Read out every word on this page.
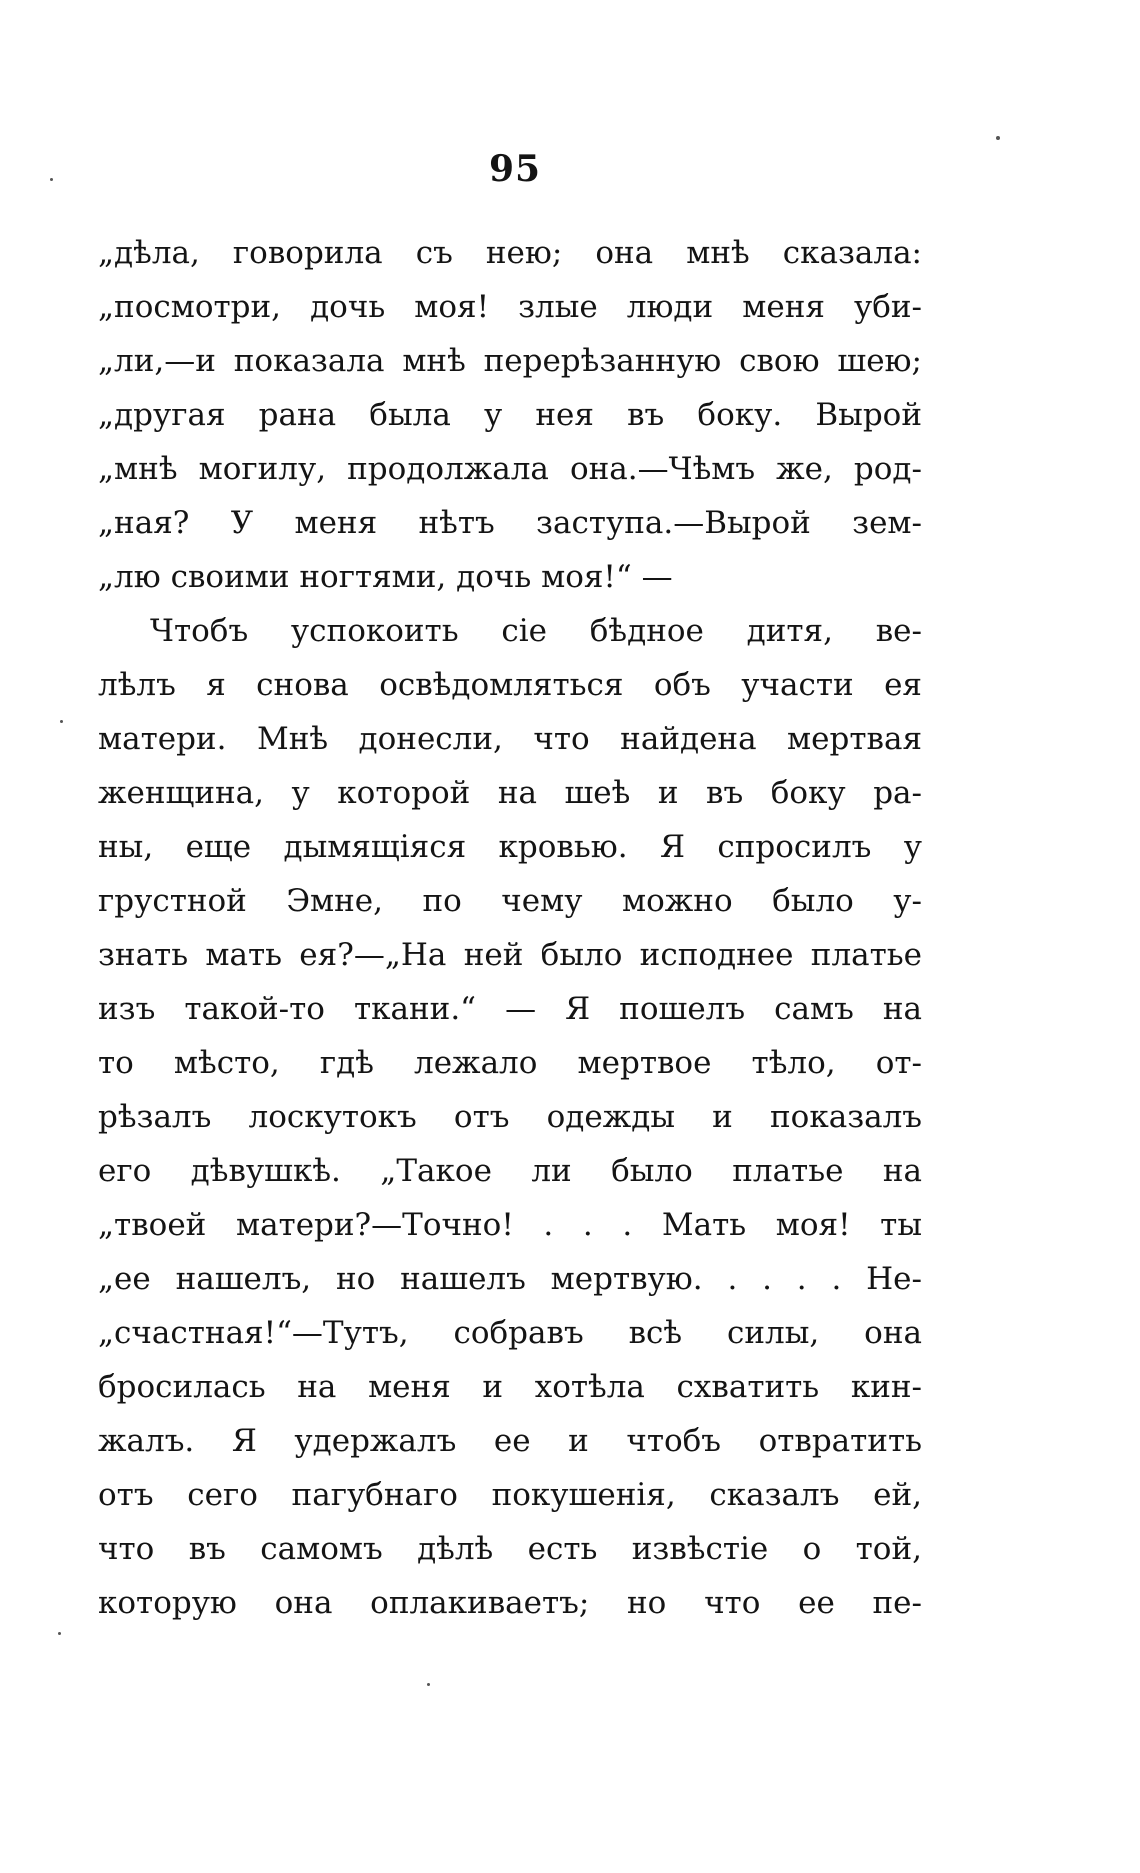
95
„дѣла, говорила съ нею; она мнѣ сказала:
„посмотри, дочь моя! злые люди меня уби-
„ли,—и показала мнѣ перерѣзанную свою шею;
„другая рана была у нея въ боку. Вырой
„мнѣ могилу, продолжала она.—Чѣмъ же, род-
„ная? У меня нѣтъ заступа.—Вырой зем-
„лю своими ногтями, дочь моя!“ —
Чтобъ успокоить сіе бѣдное дитя, ве-
лѣлъ я снова освѣдомляться объ участи ея
матери. Мнѣ донесли, что найдена мертвая
женщина, у которой на шеѣ и въ боку ра-
ны, еще дымящіяся кровью. Я спросилъ у
грустной Эмне, по чему можно было у-
знать мать ея?—„На ней было исподнее платье
изъ такой-то ткани.“ — Я пошелъ самъ на
то мѣсто, гдѣ лежало мертвое тѣло, от-
рѣзалъ лоскутокъ отъ одежды и показалъ
его дѣвушкѣ. „Такое ли было платье на
„твоей матери?—Точно! . . . Мать моя! ты
„ее нашелъ, но нашелъ мертвую. . . . . Не-
„счастная!“—Тутъ, собравъ всѣ силы, она
бросилась на меня и хотѣла схватить кин-
жалъ. Я удержалъ ее и чтобъ отвратить
отъ сего пагубнаго покушенія, сказалъ ей,
что въ самомъ дѣлѣ есть извѣстіе о той,
которую она оплакиваетъ; но что ее пе-
